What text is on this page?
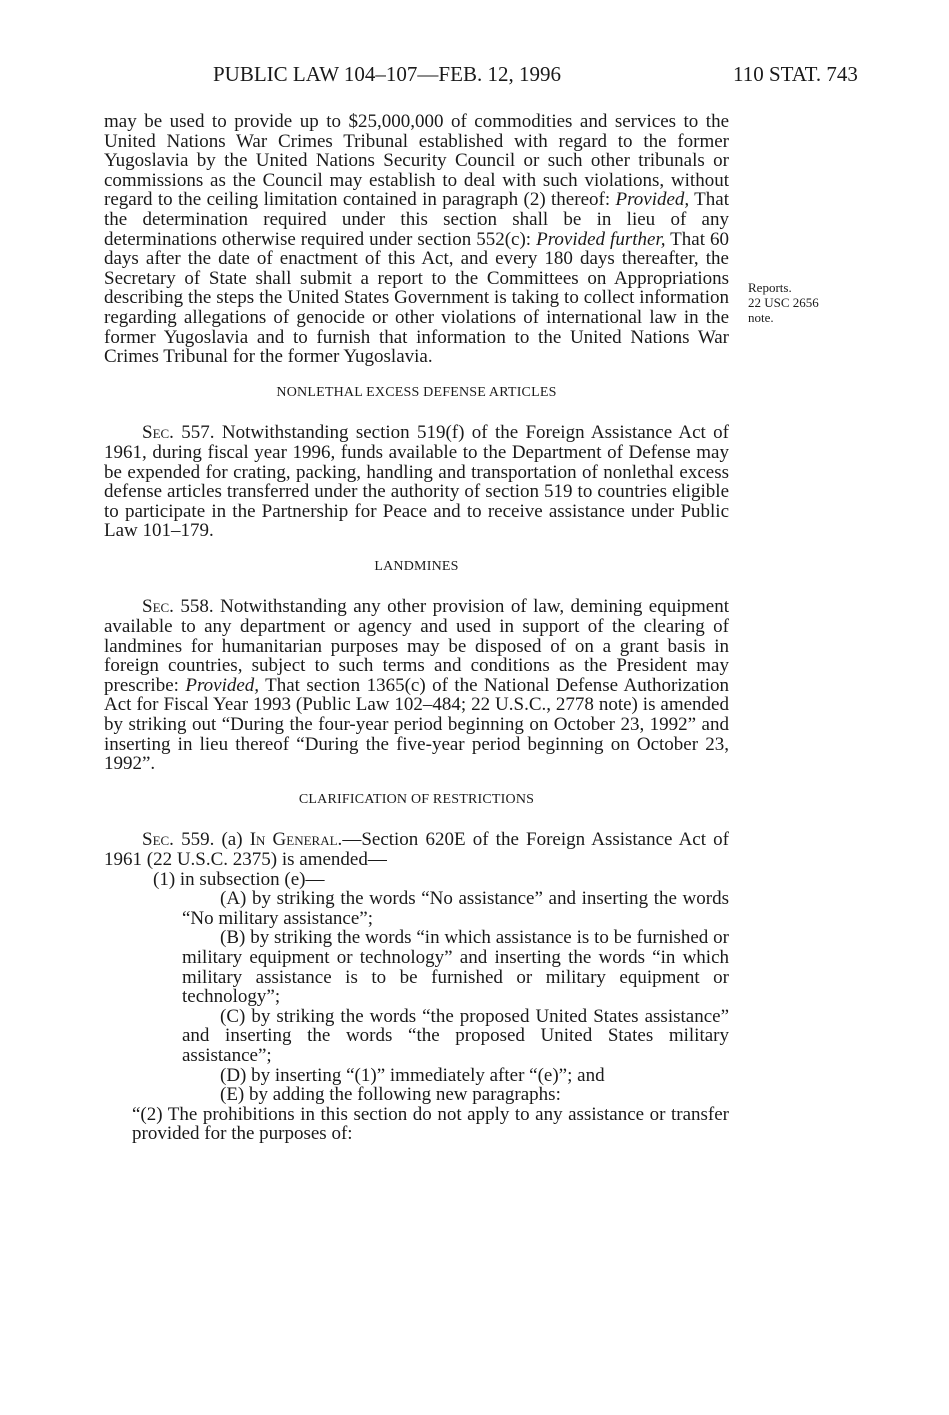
PUBLIC LAW 104–107—FEB. 12, 1996	110 STAT. 743
Reports.
22 USC 2656
note.

may be used to provide up to $25,000,000 of commodities and services to the United Nations War Crimes Tribunal established with regard to the former Yugoslavia by the United Nations Security Council or such other tribunals or commissions as the Council may establish to deal with such violations, without regard to the ceiling limitation contained in paragraph (2) thereof: Provided, That the determination required under this section shall be in lieu of any determinations otherwise required under section 552(c): Provided further, That 60 days after the date of enactment of this Act, and every 180 days thereafter, the Secretary of State shall submit a report to the Committees on Appropriations describing the steps the United States Government is taking to collect information regarding allegations of genocide or other violations of international law in the former Yugoslavia and to furnish that information to the United Nations War Crimes Tribunal for the former Yugoslavia.

NONLETHAL EXCESS DEFENSE ARTICLES

Sec. 557. Notwithstanding section 519(f) of the Foreign Assistance Act of 1961, during fiscal year 1996, funds available to the Department of Defense may be expended for crating, packing, handling and transportation of nonlethal excess defense articles transferred under the authority of section 519 to countries eligible to participate in the Partnership for Peace and to receive assistance under Public Law 101–179.

LANDMINES

Sec. 558. Notwithstanding any other provision of law, demining equipment available to any department or agency and used in support of the clearing of landmines for humanitarian purposes may be disposed of on a grant basis in foreign countries, subject to such terms and conditions as the President may prescribe: Provided, That section 1365(c) of the National Defense Authorization Act for Fiscal Year 1993 (Public Law 102–484; 22 U.S.C., 2778 note) is amended by striking out “During the four-year period beginning on October 23, 1992” and inserting in lieu thereof “During the five-year period beginning on October 23, 1992”.

CLARIFICATION OF RESTRICTIONS

Sec. 559. (a) In General.—Section 620E of the Foreign Assistance Act of 1961 (22 U.S.C. 2375) is amended—

(1) in subsection (e)—

(A) by striking the words “No assistance” and inserting the words “No military assistance”;

(B) by striking the words “in which assistance is to be furnished or military equipment or technology” and inserting the words “in which military assistance is to be furnished or military equipment or technology”;

(C) by striking the words “the proposed United States assistance” and inserting the words “the proposed United States military assistance”;

(D) by inserting “(1)” immediately after “(e)”; and

(E) by adding the following new paragraphs:

“(2) The prohibitions in this section do not apply to any assistance or transfer provided for the purposes of:
